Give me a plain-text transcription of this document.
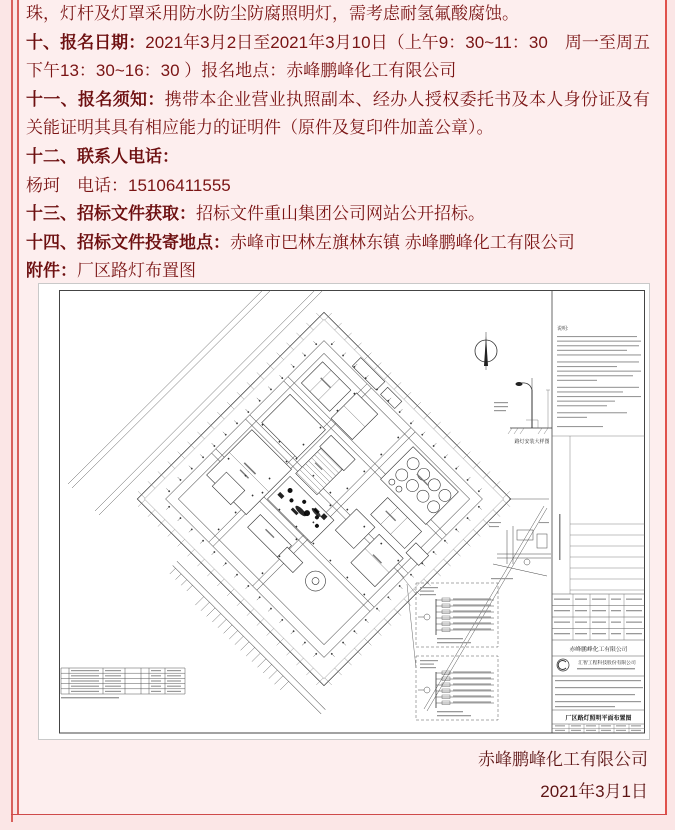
珠，灯杆及灯罩采用防水防尘防腐照明灯，需考虑耐氢氟酸腐蚀。

十、报名日期：2021年3月2日至2021年3月10日（上午9：30~11：30　周一至周五下午13：30~16：30 ）报名地点：赤峰鹏峰化工有限公司

十一、报名须知：携带本企业营业执照副本、经办人授权委托书及本人身份证及有关能证明其具有相应能力的证明件（原件及复印件加盖公章）。

十二、联系人电话：

杨珂　电话：15106411555

十三、招标文件获取：招标文件重山集团公司网站公开招标。

十四、招标文件投寄地点：赤峰市巴林左旗林东镇 赤峰鹏峰化工有限公司

附件：厂区路灯布置图

路灯安装大样图
说明:
赤峰鹏峰化工有限公司
汇智工程科技股份有限公司
厂区路灯照明平面布置图
赤峰鹏峰化工有限公司
2021年3月1日
